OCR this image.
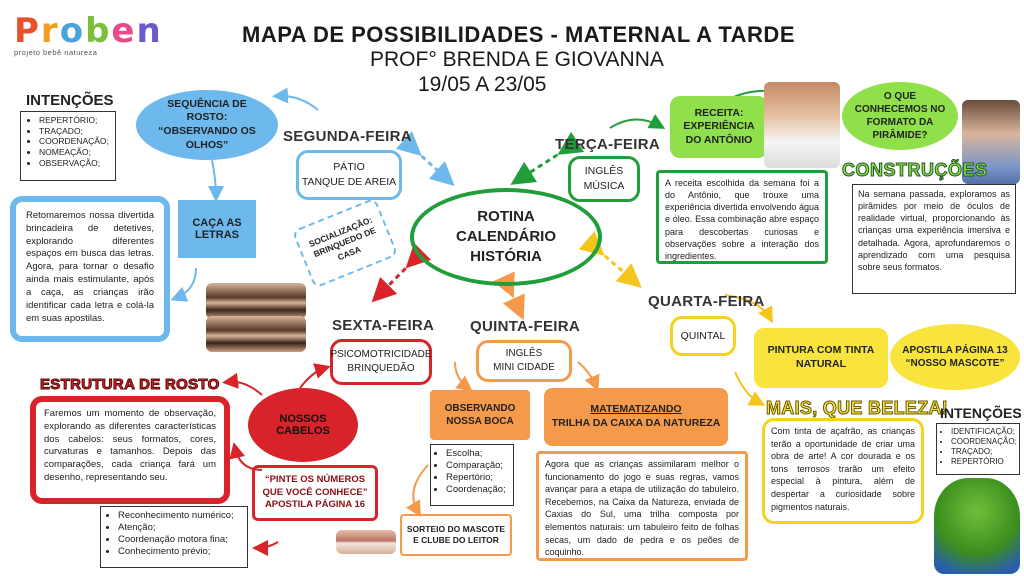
Proben
projeto bebê natureza
MAPA DE POSSIBILIDADES - MATERNAL A TARDE
PROF° BRENDA E GIOVANNA
19/05 A 23/05
ROTINA
CALENDÁRIO
HISTÓRIA
INTENÇÕES
• REPERTÓRIO;
• TRAÇADO;
• COORDENAÇÃO;
• NOMEAÇÃO;
• OBSERVAÇÃO;
SEQUÊNCIA DE ROSTO: “OBSERVANDO OS OLHOS”	SEGUNDA-FEIRA
PÁTIO
TANQUE DE AREIA
SOCIALIZAÇÃO: BRINQUEDO DE CASA
CAÇA AS LETRAS
Retomaremos nossa divertida brincadeira de detetives, explorando diferentes espaços em busca das letras. Agora, para tornar o desafio ainda mais estimulante, após a caça, as crianças irão identificar cada letra e colá-la em suas apostilas.
TERÇA-FEIRA
INGLÊS
MÚSICA
RECEITA: EXPERIÊNCIA DO ANTÔNIO
O QUE CONHECEMOS NO FORMATO DA PIRÂMIDE?
A receita escolhida da semana foi a do Antônio, que trouxe uma experiência divertida envolvendo água e óleo. Essa combinação abre espaço para descobertas curiosas e observações sobre a interação dos ingredientes.
CONSTRUÇÕES
Na semana passada, exploramos as pirâmides por meio de óculos de realidade virtual, proporcionando às crianças uma experiência imersiva e detalhada. Agora, aprofundaremos o aprendizado com uma pesquisa sobre seus formatos.
QUARTA-FEIRA
QUINTAL
PINTURA COM TINTA NATURAL
APOSTILA PÁGINA 13 “NOSSO MASCOTE”
MAIS, QUE BELEZA!
Com tinta de açafrão, as crianças terão a oportunidade de criar uma obra de arte! A cor dourada e os tons terrosos trarão um efeito especial à pintura, além de despertar a curiosidade sobre pigmentos naturais.
INTENÇÕES
• IDENTIFICAÇÃO;
• COORDENAÇÃO;
• TRAÇADO;
• REPERTÓRIO
QUINTA-FEIRA
INGLÊS
MINI CIDADE
OBSERVANDO NOSSA BOCA
• Escolha;
• Comparação;
• Repertório;
• Coordenação;
MATEMATIZANDO
TRILHA DA CAIXA DA NATUREZA
Agora que as crianças assimilaram melhor o funcionamento do jogo e suas regras, vamos avançar para a etapa de utilização do tabuleiro. Recebemos, na Caixa da Natureza, enviada de Caxias do Sul, uma trilha composta por elementos naturais: um tabuleiro feito de folhas secas, um dado de pedra e os peões de coquinho.
SORTEIO DO MASCOTE E CLUBE DO LEITOR
SEXTA-FEIRA
PSICOMOTRICIDADE
BRINQUEDÃO
NOSSOS CABELOS
ESTRUTURA DE ROSTO
Faremos um momento de observação, explorando as diferentes características dos cabelos: seus formatos, cores, curvaturas e tamanhos. Depois das comparações, cada criança fará um desenho, representando seu.	“PINTE OS NÚMEROS QUE VOCÊ CONHECE” APOSTILA PÁGINA 16
• Reconhecimento numérico;
• Atenção;
• Coordenação motora fina;
• Conhecimento prévio;
